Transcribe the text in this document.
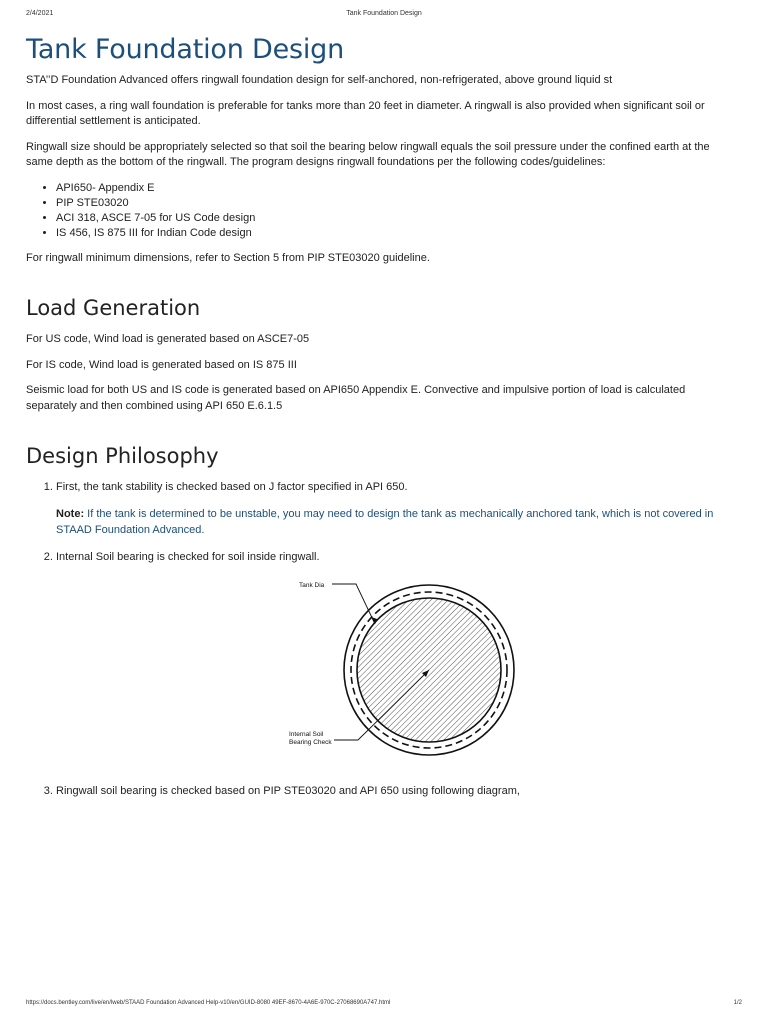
2/4/2021	Tank Foundation Design
Tank Foundation Design

STA’’D Foundation Advanced offers ringwall foundation design for self-anchored, non-refrigerated, above ground liquid st

In most cases, a ring wall foundation is preferable for tanks more than 20 feet in diameter. A ringwall is also provided when significant soil or differential settlement is anticipated.

Ringwall size should be appropriately selected so that soil the bearing below ringwall equals the soil pressure under the confined earth at the same depth as the bottom of the ringwall. The program designs ringwall foundations per the following codes/guidelines:

• API650- Appendix E
• PIP STE03020
• ACI 318, ASCE 7-05 for US Code design
• IS 456, IS 875 III for Indian Code design

For ringwall minimum dimensions, refer to Section 5 from PIP STE03020 guideline.

Load Generation

For US code, Wind load is generated based on ASCE7-05

For IS code, Wind load is generated based on IS 875 III

Seismic load for both US and IS code is generated based on API650 Appendix E. Convective and impulsive portion of load is calculated separately and then combined using API 650 E.6.1.5

Design Philosophy
1. First, the tank stability is checked based on J factor specified in API 650.
Note: If the tank is determined to be unstable, you may need to design the tank as mechanically anchored tank, which is not covered in STAAD Foundation Advanced.
2. Internal Soil bearing is checked for soil inside ringwall.
Tank Dia
Internal Soil
Bearing Check
3. Ringwall soil bearing is checked based on PIP STE03020 and API 650 using following diagram,
https://docs.bentley.com/live/en/lweb/STAAD Foundation Advanced Help-v10/en/GUID-8080 49EF-8670-4A6E-970C-27068690A747.html	1/2
